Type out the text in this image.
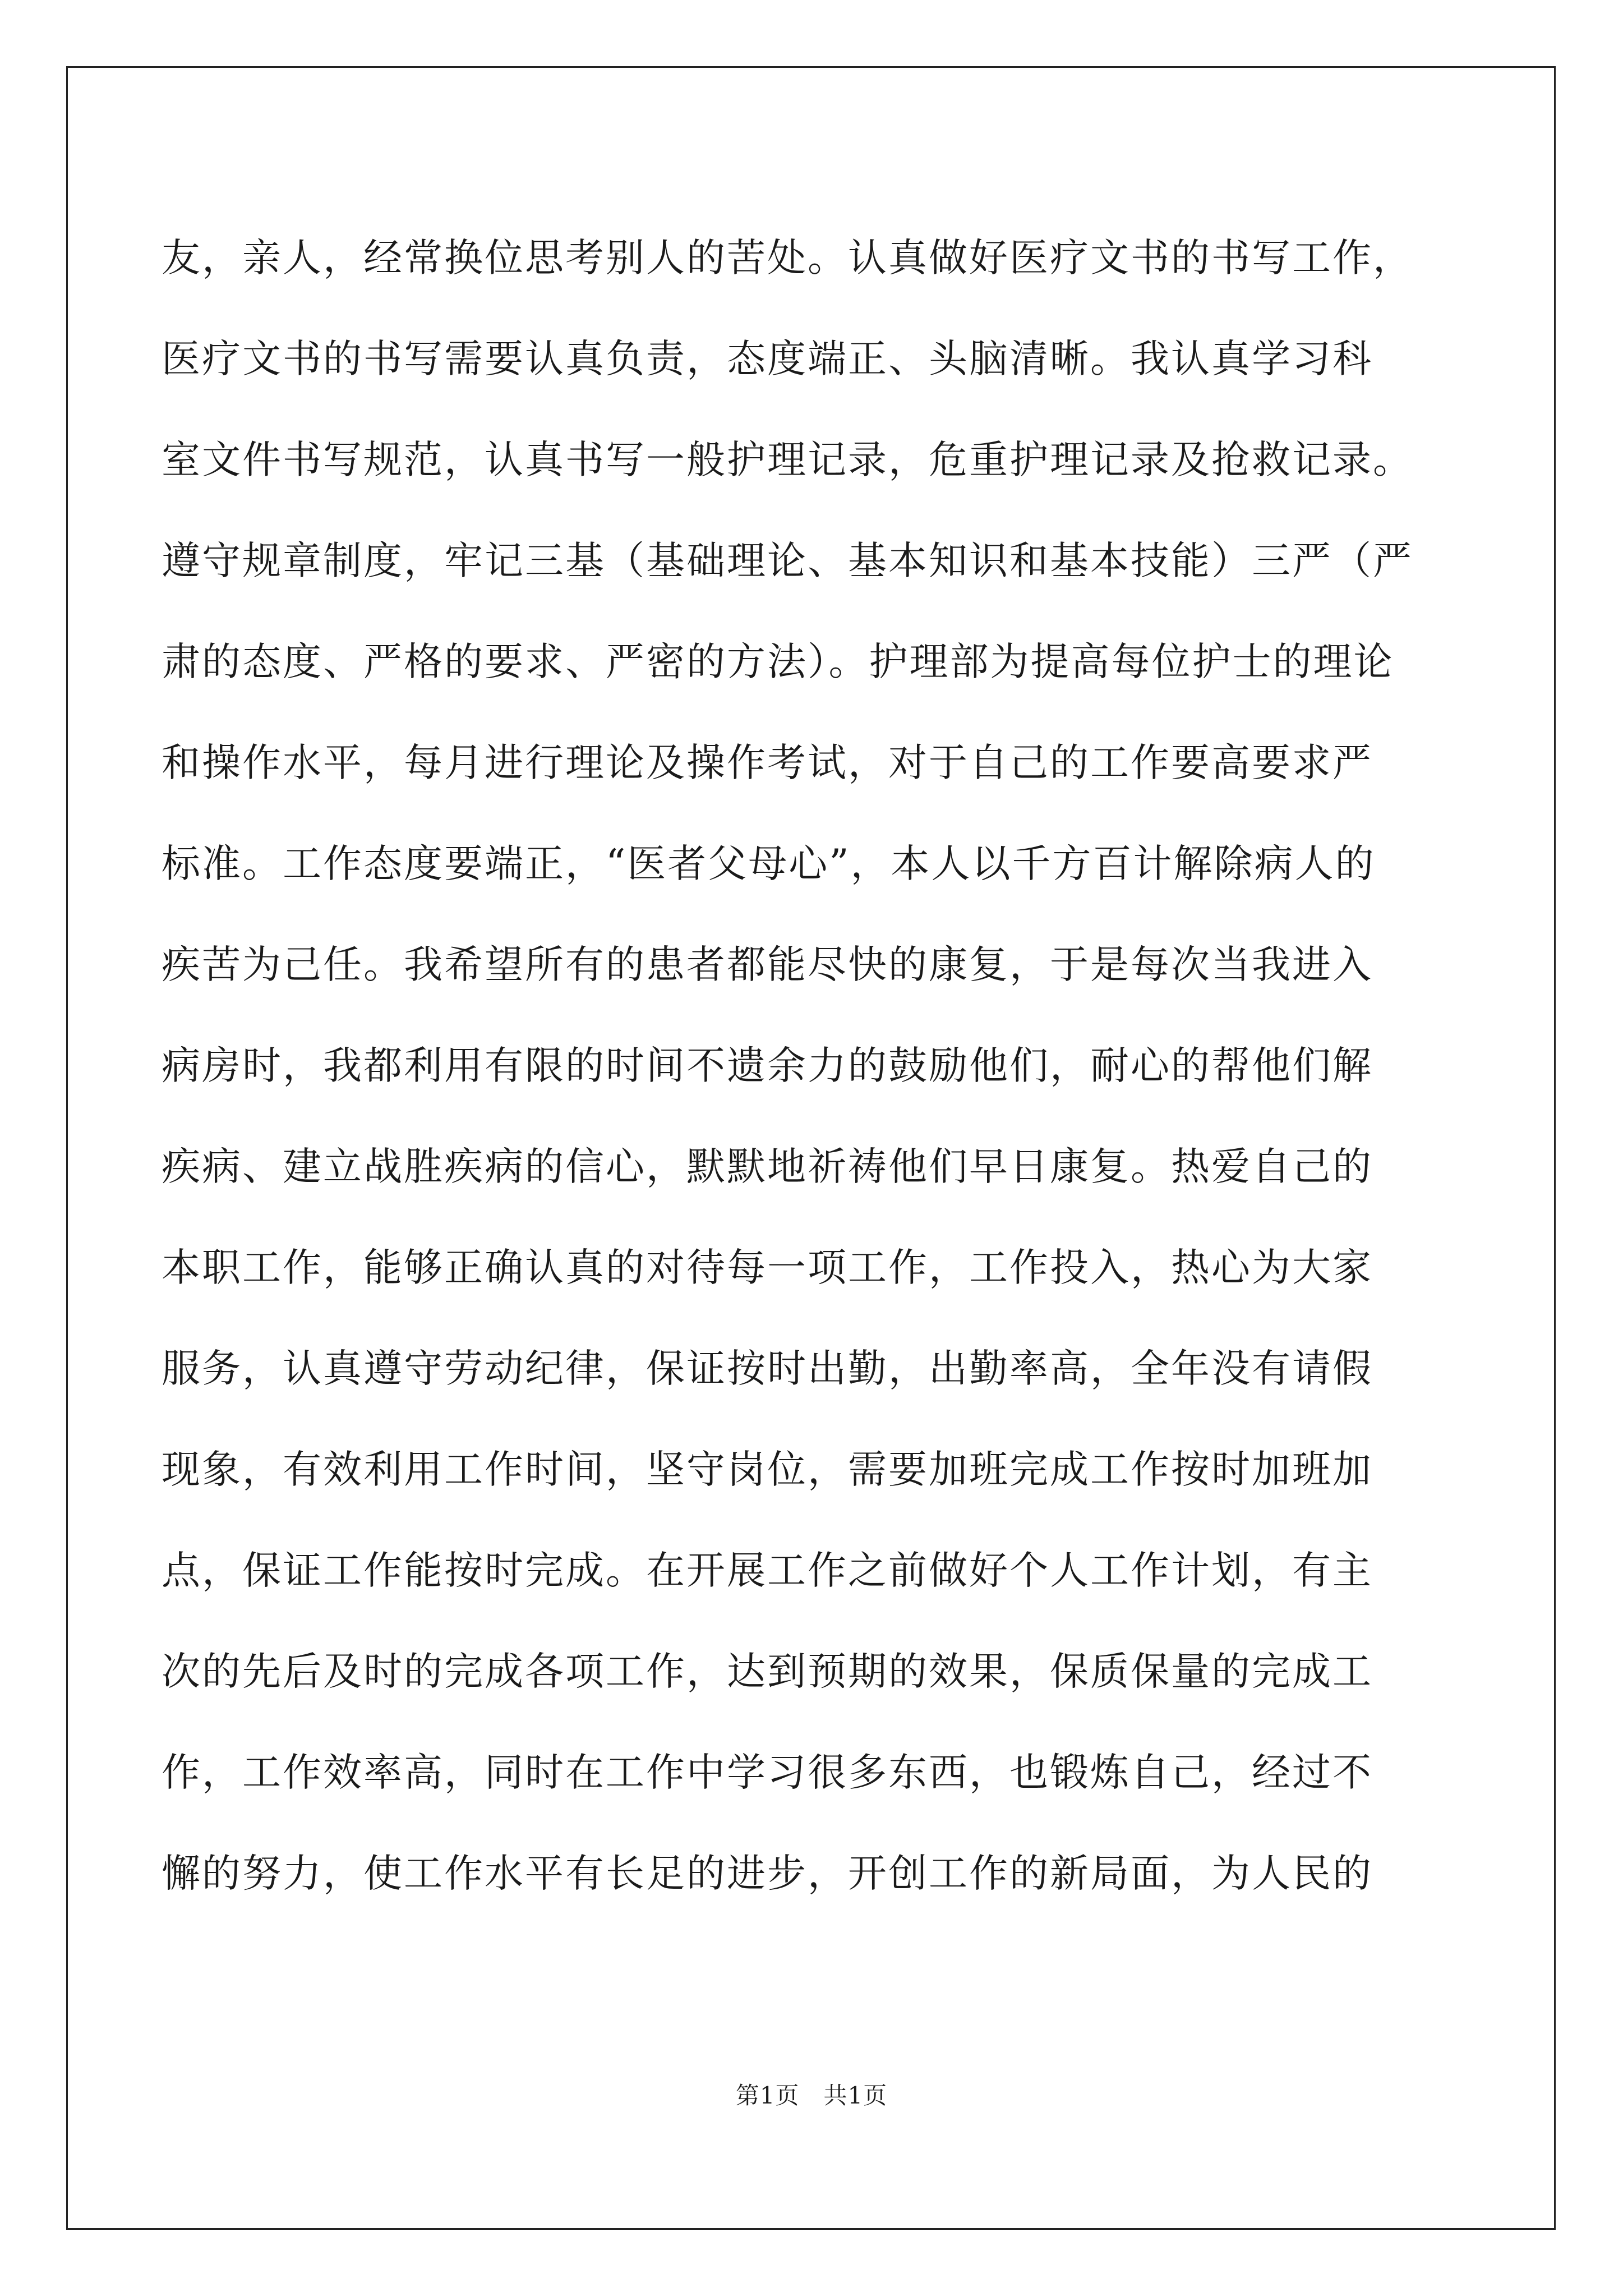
友，亲人，经常换位思考别人的苦处。认真做好医疗文书的书写工作，
医疗文书的书写需要认真负责，态度端正、头脑清晰。我认真学习科
室文件书写规范，认真书写一般护理记录，危重护理记录及抢救记录。
遵守规章制度，牢记三基（基础理论、基本知识和基本技能）三严（严
肃的态度、严格的要求、严密的方法）。护理部为提高每位护士的理论
和操作水平，每月进行理论及操作考试，对于自己的工作要高要求严
标准。工作态度要端正，“医者父母心”，本人以千方百计解除病人的
疾苦为己任。我希望所有的患者都能尽快的康复，于是每次当我进入
病房时，我都利用有限的时间不遗余力的鼓励他们，耐心的帮他们解
疾病、建立战胜疾病的信心，默默地祈祷他们早日康复。热爱自己的
本职工作，能够正确认真的对待每一项工作，工作投入，热心为大家
服务，认真遵守劳动纪律，保证按时出勤，出勤率高，全年没有请假
现象，有效利用工作时间，坚守岗位，需要加班完成工作按时加班加
点，保证工作能按时完成。在开展工作之前做好个人工作计划，有主
次的先后及时的完成各项工作，达到预期的效果，保质保量的完成工
作，工作效率高，同时在工作中学习很多东西，也锻炼自己，经过不
懈的努力，使工作水平有长足的进步，开创工作的新局面，为人民的
第1页　共1页
